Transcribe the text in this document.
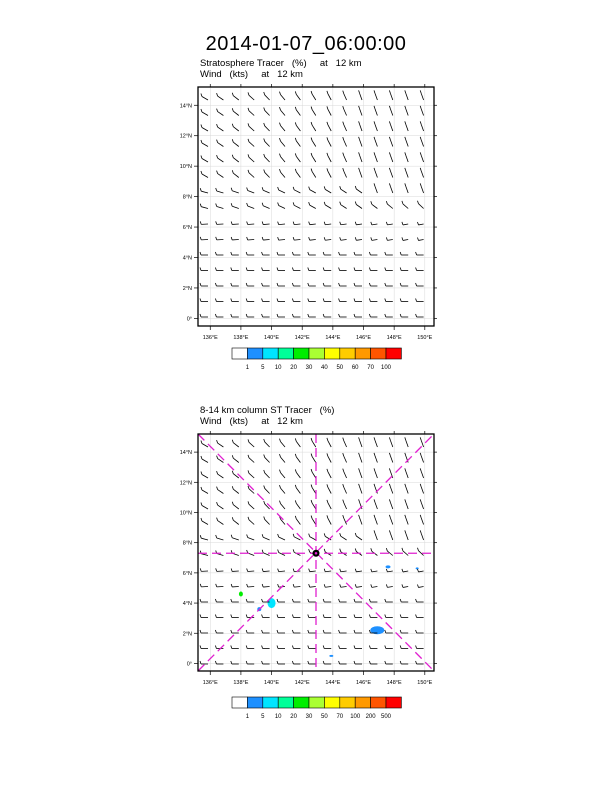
2014-01-07_06:00:00
Stratosphere Tracer   (%)     at   12 km
Wind   (kts)     at   12 km
8-14 km column ST Tracer   (%)
Wind   (kts)     at   12 km
136°E	138°E	140°E	142°E	144°E	146°E	148°E	150°E
0°
2°N
4°N
6°N
8°N
10°N
12°N
14°N
136°E	138°E	140°E	142°E	144°E	146°E	148°E	150°E
0°
2°N
4°N
6°N
8°N
10°N
12°N
14°N
1 5 10 20 30 40 50 60 70 100
1 5 10 20 30 50 70 100 200 500
